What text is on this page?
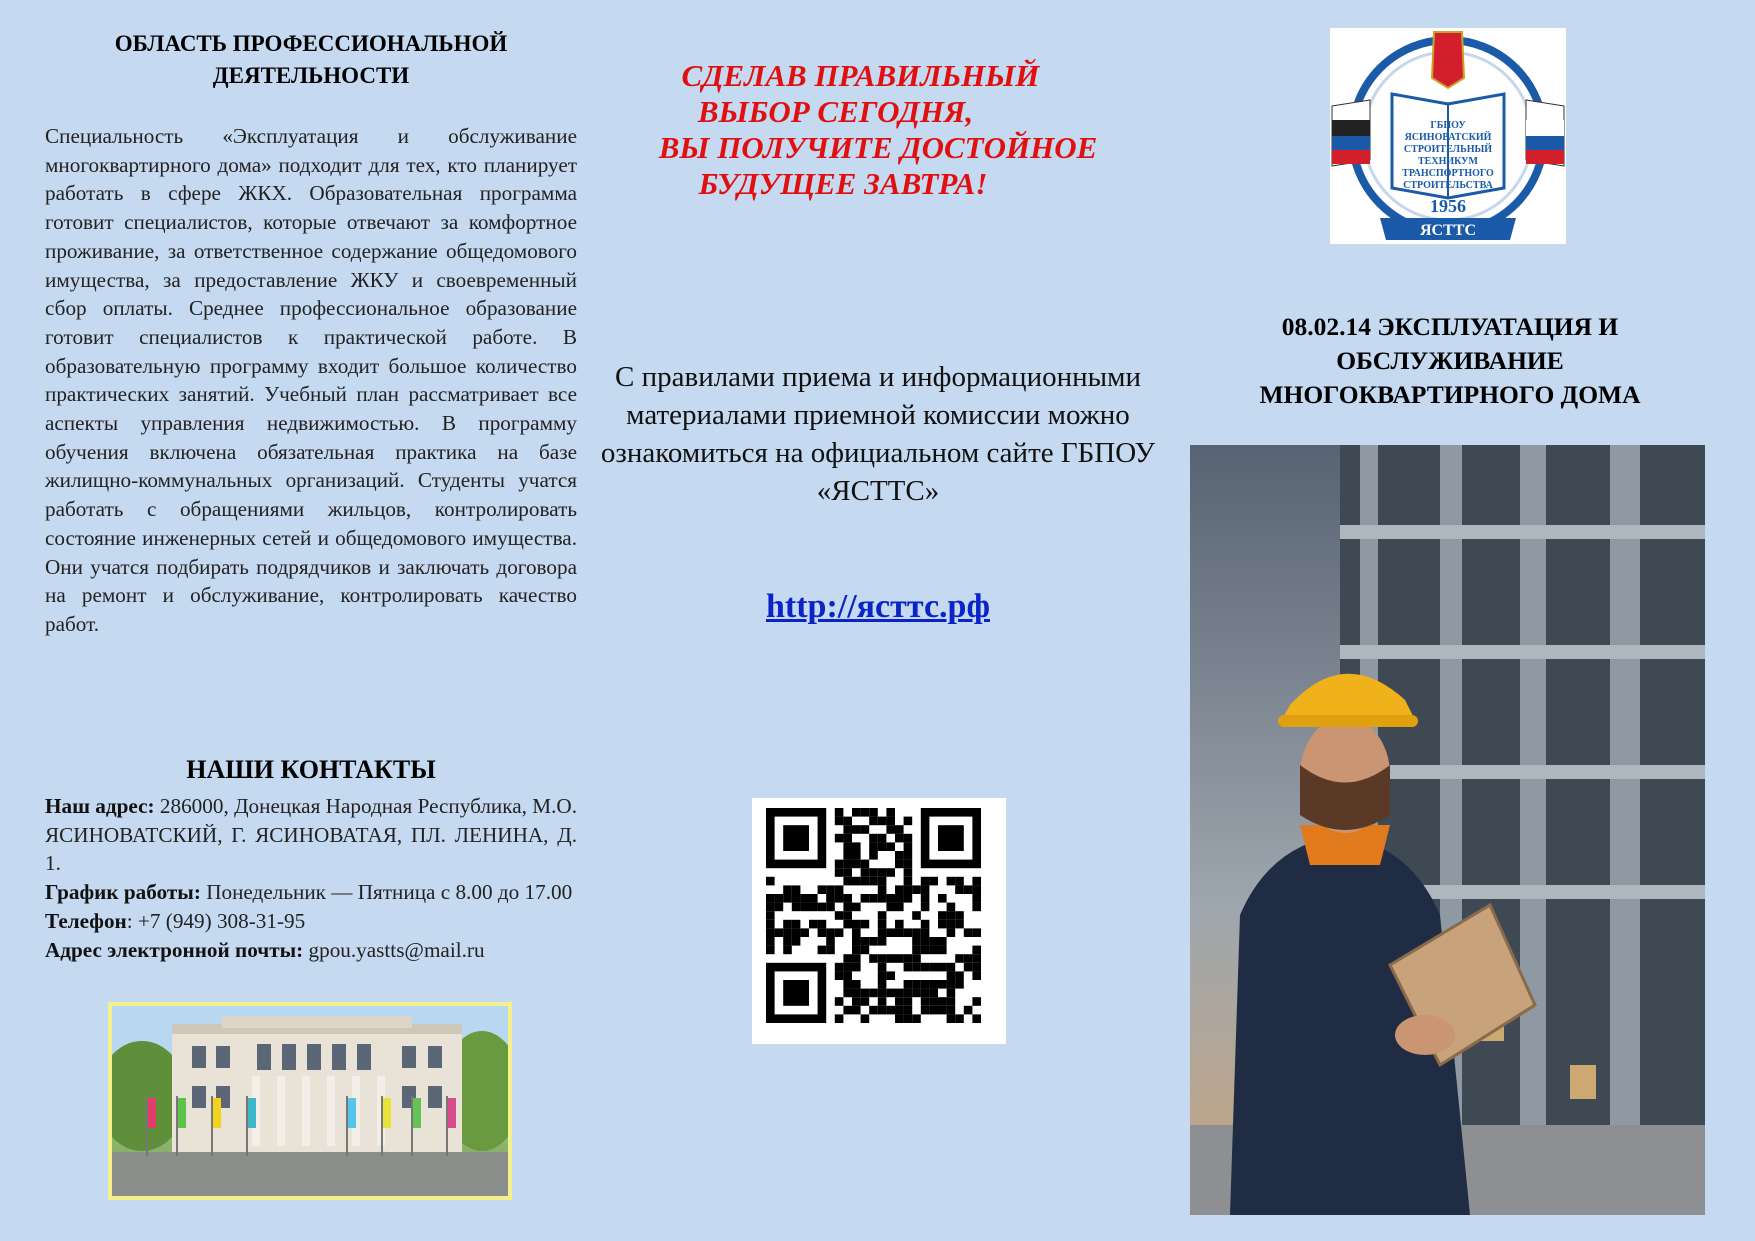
ОБЛАСТЬ ПРОФЕССИОНАЛЬНОЙ
ДЕЯТЕЛЬНОСТИ
Специальность «Эксплуатация и обслуживание многоквартирного дома» подходит для тех, кто планирует работать в сфере ЖКХ. Образовательная программа готовит специалистов, которые отвечают за комфортное проживание, за ответственное содержание общедомового имущества, за предоставление ЖКУ и своевременный сбор оплаты. Среднее профессиональное образование готовит специалистов к практической работе. В образовательную программу входит большое количество практических занятий. Учебный план рассматривает все аспекты управления недвижимостью. В программу обучения включена обязательная практика на базе жилищно-коммунальных организаций. Студенты учатся работать с обращениями жильцов, контролировать состояние инженерных сетей и общедомового имущества. Они учатся подбирать подрядчиков и заключать договора на ремонт и обслуживание, контролировать качество работ.
НАШИ КОНТАКТЫ
Наш адрес: 286000, Донецкая Народная Республика, М.О. ЯСИНОВАТСКИЙ, Г. ЯСИНОВАТАЯ, ПЛ. ЛЕНИНА, Д. 1.
График работы: Понедельник — Пятница с 8.00 до 17.00
Телефон: +7 (949) 308-31-95
Адрес электронной почты: gpou.yastts@mail.ru
СДЕЛАВ ПРАВИЛЬНЫЙ
ВЫБОР СЕГОДНЯ,
ВЫ ПОЛУЧИТЕ ДОСТОЙНОЕ
БУДУЩЕЕ ЗАВТРА!
С правилами приема и информационными материалами приемной комиссии можно ознакомиться на официальном сайте ГБПОУ «ЯСТТС»
http://ясттс.рф
ГБПОУ
ЯСИНОВАТСКИЙ
СТРОИТЕЛЬНЫЙ
ТЕХНИКУМ
ТРАНСПОРТНОГО
СТРОИТЕЛЬСТВА
1956
ЯСТТС
08.02.14 ЭКСПЛУАТАЦИЯ И
ОБСЛУЖИВАНИЕ
МНОГОКВАРТИРНОГО ДОМА
